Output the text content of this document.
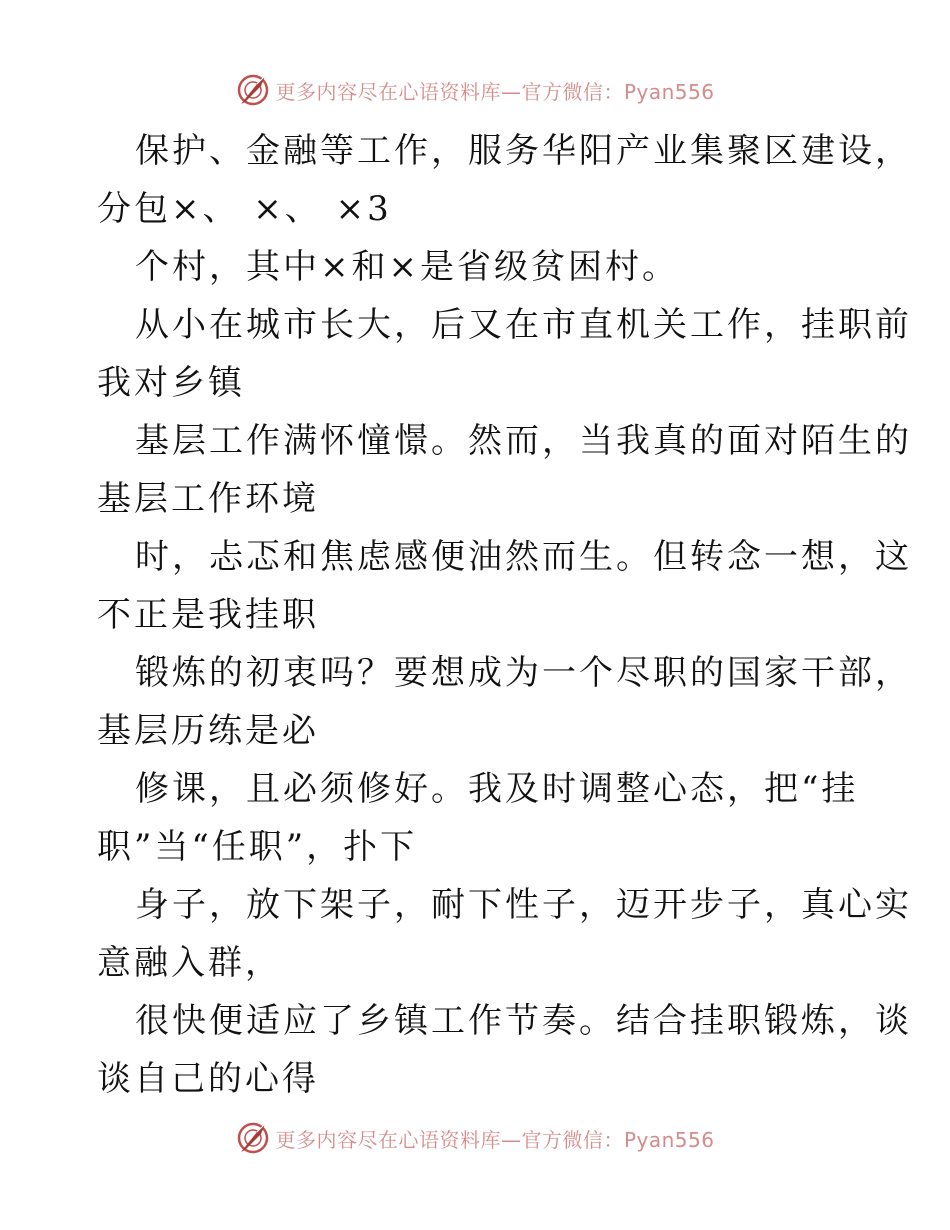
更多内容尽在心语资料库—官方微信：Pyan556
保护、金融等工作，服务华阳产业集聚区建设，
分包×、 ×、 ×3
个村，其中×和×是省级贫困村。
从小在城市长大，后又在市直机关工作，挂职前
我对乡镇
基层工作满怀憧憬。然而，当我真的面对陌生的
基层工作环境
时，忐忑和焦虑感便油然而生。但转念一想，这
不正是我挂职
锻炼的初衷吗？要想成为一个尽职的国家干部，
基层历练是必
修课，且必须修好。我及时调整心态，把“挂
职”当“任职”，扑下
身子，放下架子，耐下性子，迈开步子，真心实
意融入群，
很快便适应了乡镇工作节奏。结合挂职锻炼，谈
谈自己的心得
更多内容尽在心语资料库—官方微信：Pyan556
